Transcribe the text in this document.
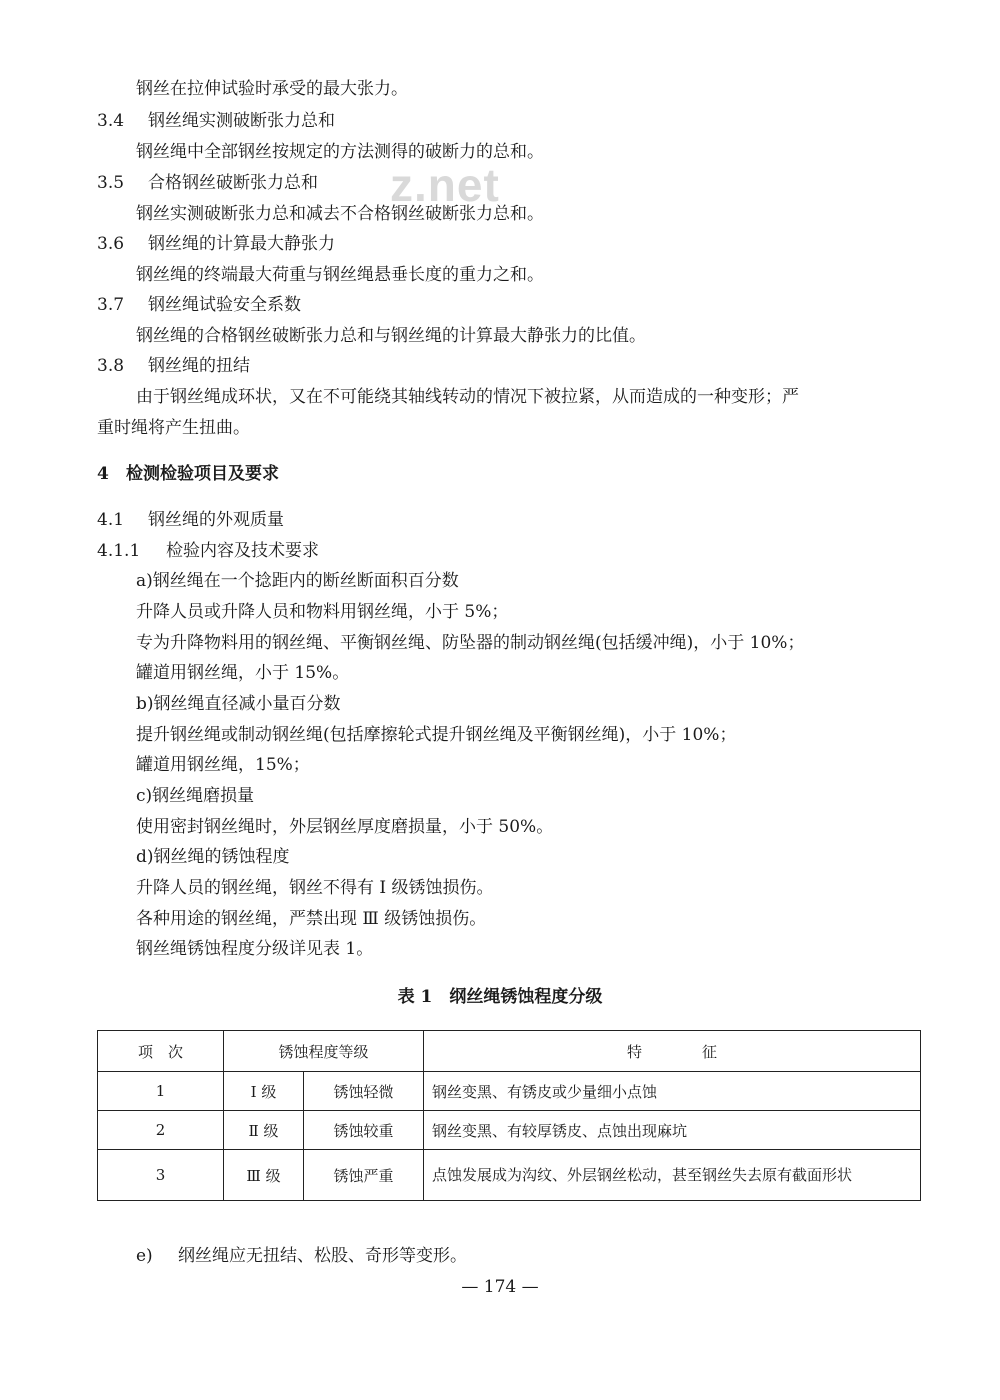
z.net
钢丝在拉伸试验时承受的最大张力。
3.4 钢丝绳实测破断张力总和
钢丝绳中全部钢丝按规定的方法测得的破断力的总和。
3.5 合格钢丝破断张力总和
钢丝实测破断张力总和减去不合格钢丝破断张力总和。
3.6 钢丝绳的计算最大静张力
钢丝绳的终端最大荷重与钢丝绳悬垂长度的重力之和。
3.7 钢丝绳试验安全系数
钢丝绳的合格钢丝破断张力总和与钢丝绳的计算最大静张力的比值。
3.8 钢丝绳的扭结
由于钢丝绳成环状，又在不可能绕其轴线转动的情况下被拉紧，从而造成的一种变形；严
重时绳将产生扭曲。
4 检测检验项目及要求
4.1 钢丝绳的外观质量
4.1.1 检验内容及技术要求
a)钢丝绳在一个捻距内的断丝断面积百分数
升降人员或升降人员和物料用钢丝绳，小于 5%；
专为升降物料用的钢丝绳、平衡钢丝绳、防坠器的制动钢丝绳(包括缓冲绳)，小于 10%；
罐道用钢丝绳，小于 15%。
b)钢丝绳直径减小量百分数
提升钢丝绳或制动钢丝绳(包括摩擦轮式提升钢丝绳及平衡钢丝绳)，小于 10%；
罐道用钢丝绳，15%；
c)钢丝绳磨损量
使用密封钢丝绳时，外层钢丝厚度磨损量，小于 50%。
d)钢丝绳的锈蚀程度
升降人员的钢丝绳，钢丝不得有 Ⅰ 级锈蚀损伤。
各种用途的钢丝绳，严禁出现 Ⅲ 级锈蚀损伤。
钢丝绳锈蚀程度分级详见表 1。
表 1　纲丝绳锈蚀程度分级
项　次	锈蚀程度等级		特　　　　征
1	Ⅰ 级	锈蚀轻微	钢丝变黑、有锈皮或少量细小点蚀
2	Ⅱ 级	锈蚀较重	钢丝变黑、有较厚锈皮、点蚀出现麻坑
3	Ⅲ 级	锈蚀严重	点蚀发展成为沟纹、外层钢丝松动，甚至钢丝失去原有截面形状
e) 纲丝绳应无扭结、松股、奇形等变形。
— 174 —
